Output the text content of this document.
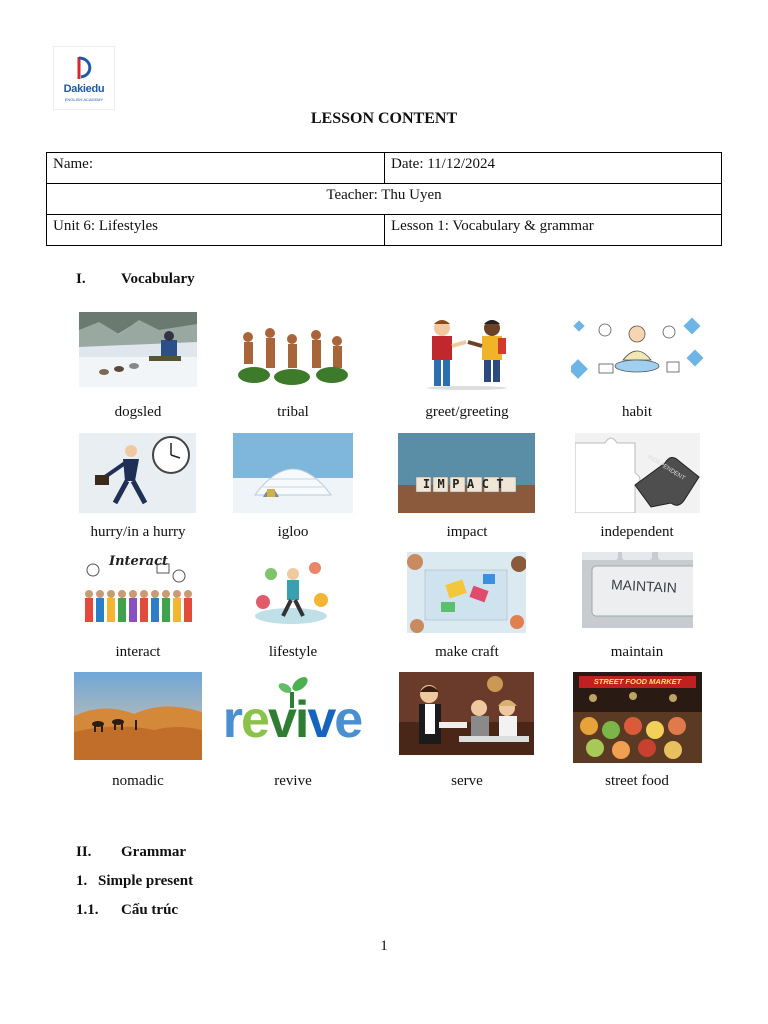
Dakiedu
ENGLISH ACADEMY
LESSON CONTENT
Name:	Date: 11/12/2024
Teacher: Thu Uyen	
Unit 6: Lifestyles	Lesson 1: Vocabulary & grammar
I. Vocabulary
dogsled	tribal	greet/greeting	habit
IMPACT
INDEPENDENT
hurry/in a hurry	igloo	impact	independent
Interact
MAINTAIN
interact	lifestyle	make craft	maintain
revive
STREET FOOD MARKET
nomadic	revive	serve	street food
II. Grammar
1. Simple present
1.1. Cấu trúc
1
